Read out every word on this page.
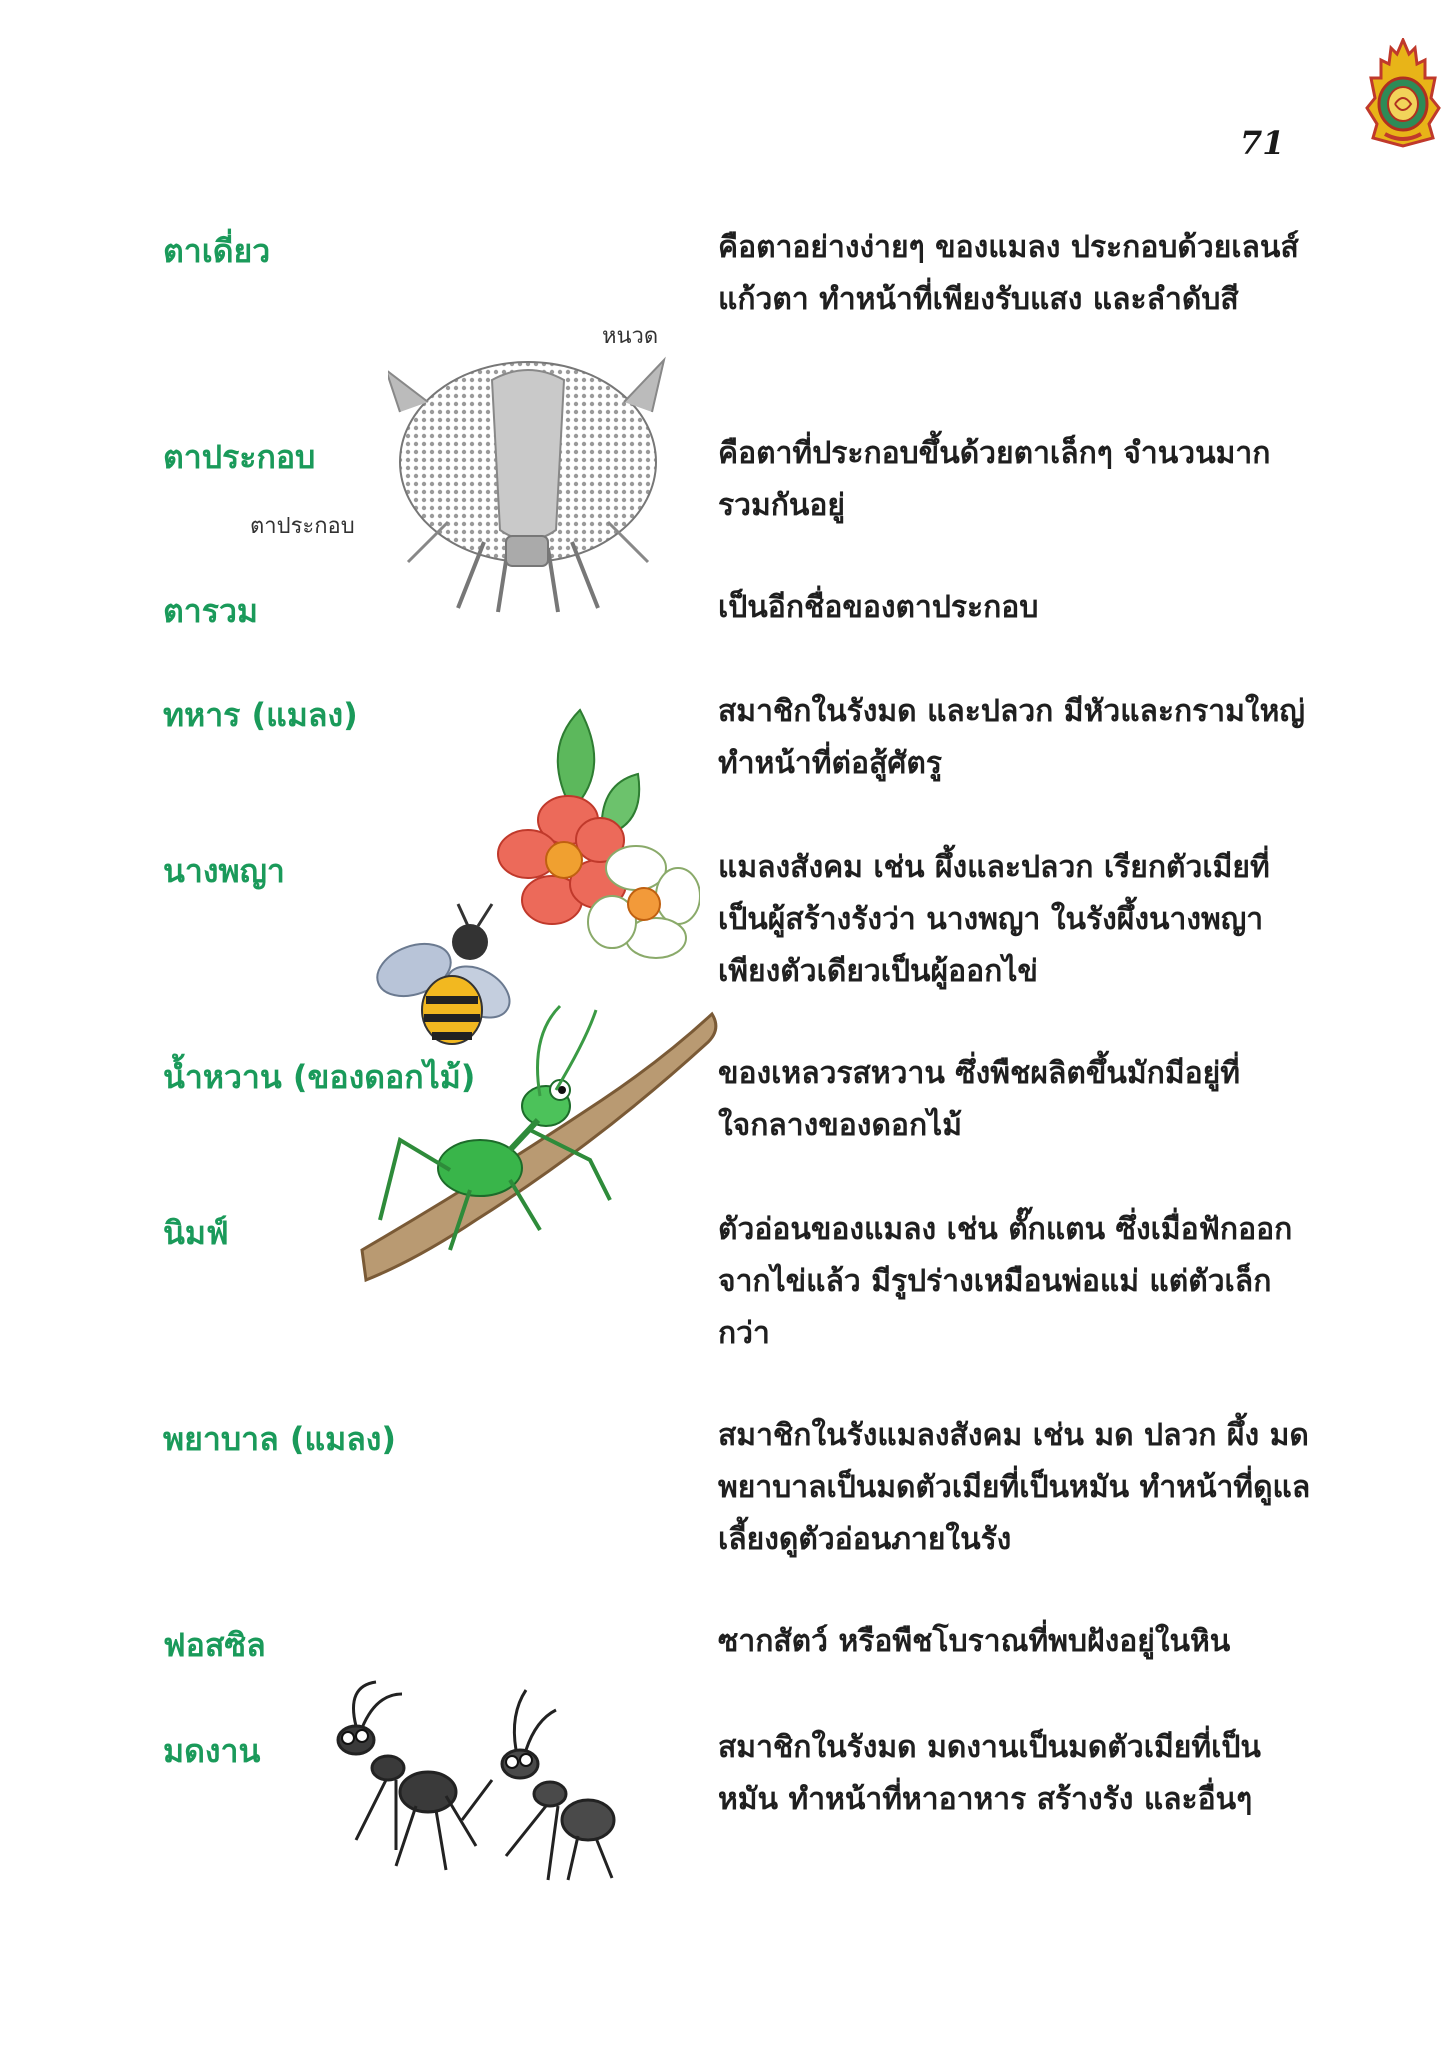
71
หนวด
ตาประกอบ
ตาเดี่ยว
ตาประกอบ
ตารวม
ทหาร (แมลง)
นางพญา
น้ำหวาน (ของดอกไม้)
นิมฟ์
พยาบาล (แมลง)
ฟอสซิล
มดงาน
คือตาอย่างง่ายๆ ของแมลง ประกอบด้วยเลนส์แก้วตา ทำหน้าที่เพียงรับแสง และลำดับสี
คือตาที่ประกอบขึ้นด้วยตาเล็กๆ จำนวนมากรวมกันอยู่
เป็นอีกชื่อของตาประกอบ
สมาชิกในรังมด และปลวก มีหัวและกรามใหญ่ ทำหน้าที่ต่อสู้ศัตรู
แมลงสังคม เช่น ผึ้งและปลวก เรียกตัวเมียที่เป็นผู้สร้างรังว่า นางพญา ในรังผึ้งนางพญาเพียงตัวเดียวเป็นผู้ออกไข่
ของเหลวรสหวาน ซึ่งพืชผลิตขึ้นมักมีอยู่ที่ใจกลางของดอกไม้
ตัวอ่อนของแมลง เช่น ตั๊กแตน ซึ่งเมื่อฟักออกจากไข่แล้ว มีรูปร่างเหมือนพ่อแม่ แต่ตัวเล็กกว่า
สมาชิกในรังแมลงสังคม เช่น มด ปลวก ผึ้ง มดพยาบาลเป็นมดตัวเมียที่เป็นหมัน ทำหน้าที่ดูแลเลี้ยงดูตัวอ่อนภายในรัง
ซากสัตว์ หรือพืชโบราณที่พบฝังอยู่ในหิน
สมาชิกในรังมด มดงานเป็นมดตัวเมียที่เป็นหมัน ทำหน้าที่หาอาหาร สร้างรัง และอื่นๆ
